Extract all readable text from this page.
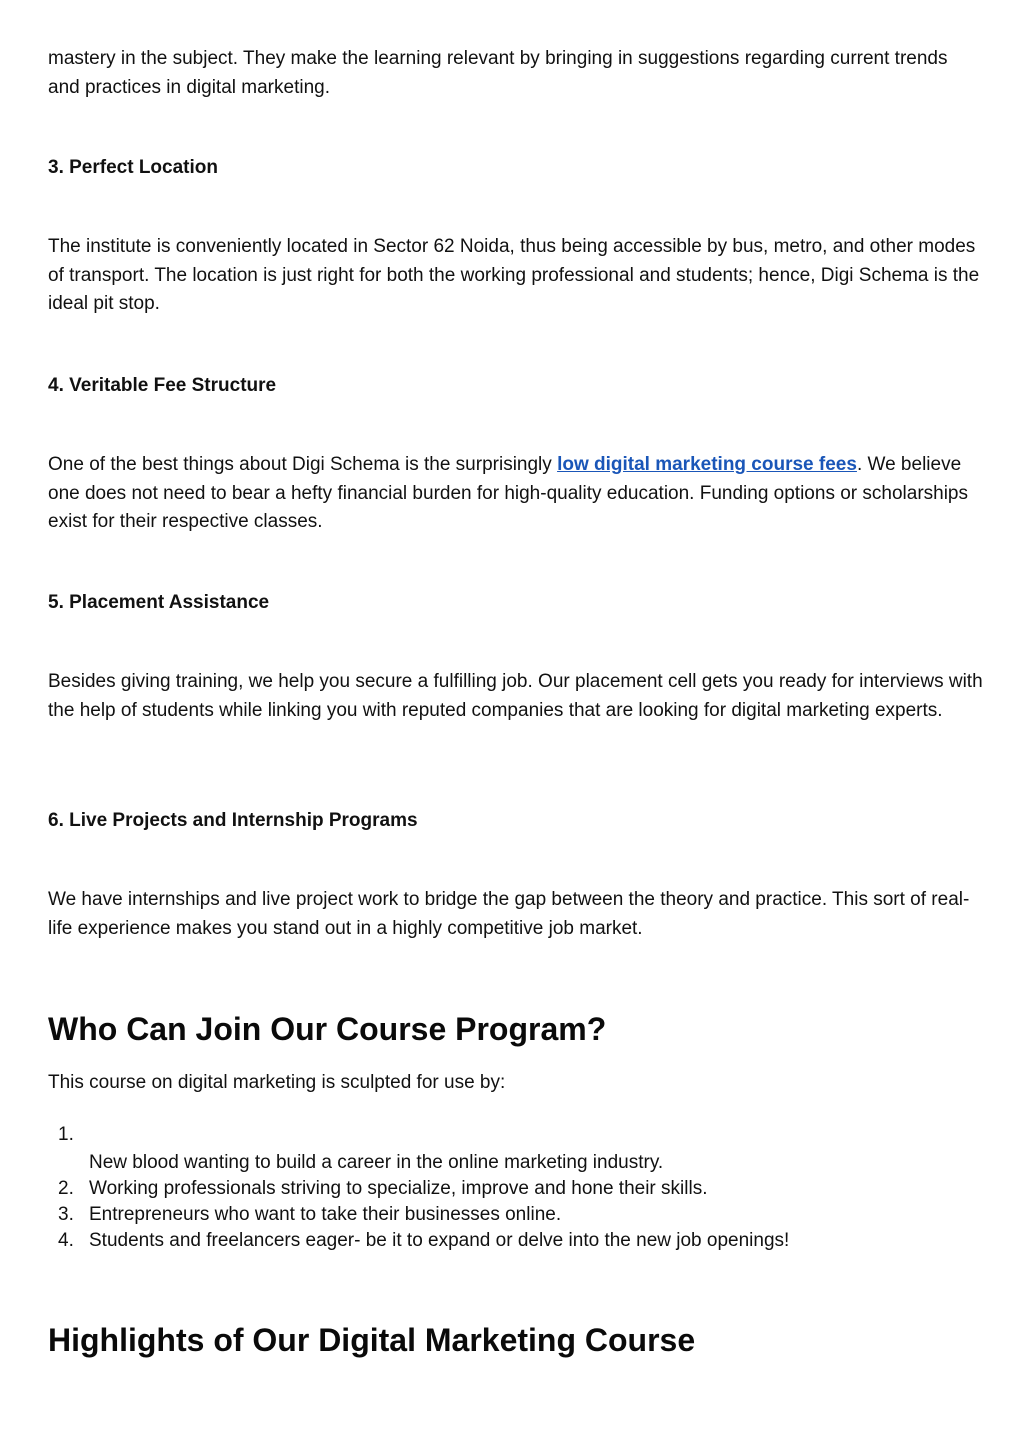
mastery in the subject. They make the learning relevant by bringing in suggestions regarding current trends and practices in digital marketing.

3. Perfect Location

The institute is conveniently located in Sector 62 Noida, thus being accessible by bus, metro, and other modes of transport. The location is just right for both the working professional and students; hence, Digi Schema is the ideal pit stop.

4. Veritable Fee Structure

One of the best things about Digi Schema is the surprisingly low digital marketing course fees. We believe one does not need to bear a hefty financial burden for high-quality education. Funding options or scholarships exist for their respective classes.

5. Placement Assistance

Besides giving training, we help you secure a fulfilling job. Our placement cell gets you ready for interviews with the help of students while linking you with reputed companies that are looking for digital marketing experts.

6. Live Projects and Internship Programs

We have internships and live project work to bridge the gap between the theory and practice. This sort of real-life experience makes you stand out in a highly competitive job market.

Who Can Join Our Course Program?

This course on digital marketing is sculpted for use by:

1.
New blood wanting to build a career in the online marketing industry.
2. Working professionals striving to specialize, improve and hone their skills.
3. Entrepreneurs who want to take their businesses online.
4. Students and freelancers eager- be it to expand or delve into the new job openings!
Highlights of Our Digital Marketing Course
